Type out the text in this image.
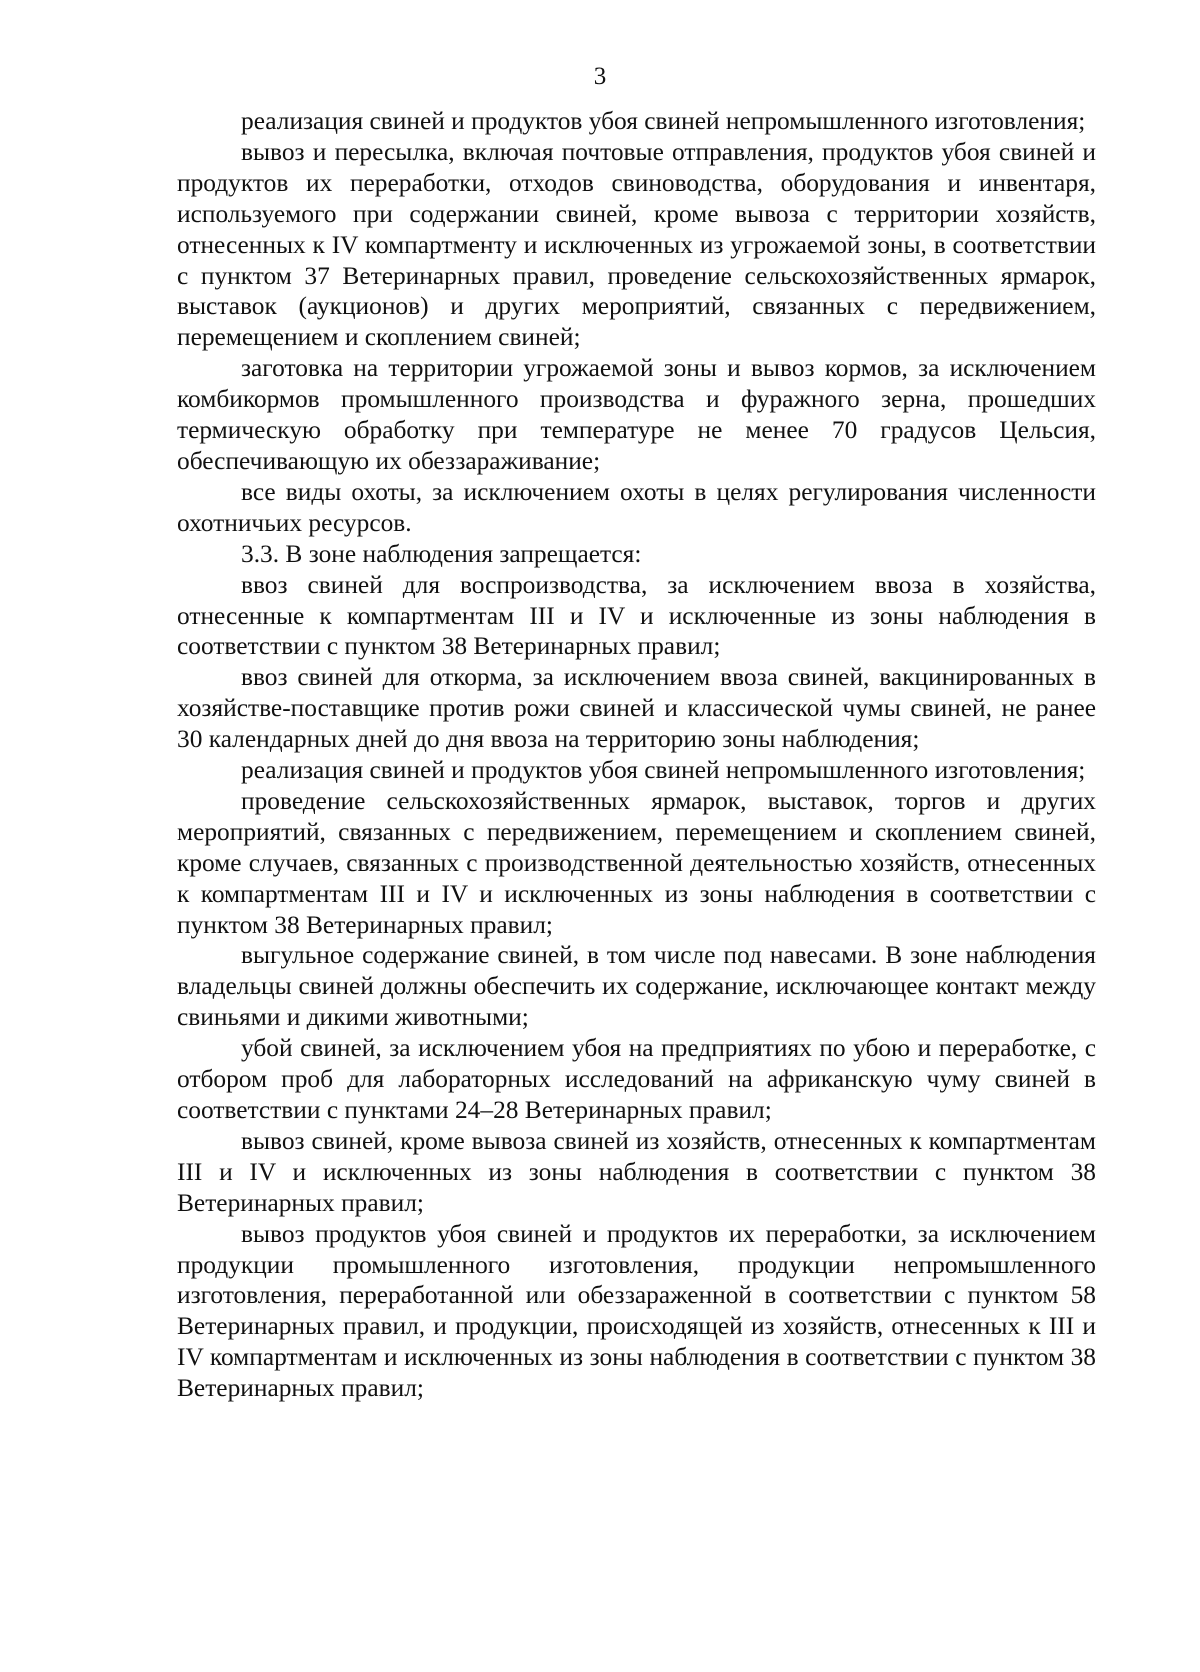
3

реализация свиней и продуктов убоя свиней непромышленного изготовления;

вывоз и пересылка, включая почтовые отправления, продуктов убоя свиней и продуктов их переработки, отходов свиноводства, оборудования и инвентаря, используемого при содержании свиней, кроме вывоза с территории хозяйств, отнесенных к IV компартменту и исключенных из угрожаемой зоны, в соответствии с пунктом 37 Ветеринарных правил, проведение сельскохозяйственных ярмарок, выставок (аукционов) и других мероприятий, связанных с передвижением, перемещением и скоплением свиней;

заготовка на территории угрожаемой зоны и вывоз кормов, за исключением комбикормов промышленного производства и фуражного зерна, прошедших термическую обработку при температуре не менее 70 градусов Цельсия, обеспечивающую их обеззараживание;

все виды охоты, за исключением охоты в целях регулирования численности охотничьих ресурсов.

3.3. В зоне наблюдения запрещается:

ввоз свиней для воспроизводства, за исключением ввоза в хозяйства, отнесенные к компартментам III и IV и исключенные из зоны наблюдения в соответствии с пунктом 38 Ветеринарных правил;

ввоз свиней для откорма, за исключением ввоза свиней, вакцинированных в хозяйстве-поставщике против рожи свиней и классической чумы свиней, не ранее 30 календарных дней до дня ввоза на территорию зоны наблюдения;

реализация свиней и продуктов убоя свиней непромышленного изготовления;

проведение сельскохозяйственных ярмарок, выставок, торгов и других мероприятий, связанных с передвижением, перемещением и скоплением свиней, кроме случаев, связанных с производственной деятельностью хозяйств, отнесенных к компартментам III и IV и исключенных из зоны наблюдения в соответствии с пунктом 38 Ветеринарных правил;

выгульное содержание свиней, в том числе под навесами. В зоне наблюдения владельцы свиней должны обеспечить их содержание, исключающее контакт между свиньями и дикими животными;

убой свиней, за исключением убоя на предприятиях по убою и переработке, с отбором проб для лабораторных исследований на африканскую чуму свиней в соответствии с пунктами 24–28 Ветеринарных правил;

вывоз свиней, кроме вывоза свиней из хозяйств, отнесенных к компартментам III и IV и исключенных из зоны наблюдения в соответствии с пунктом 38 Ветеринарных правил;

вывоз продуктов убоя свиней и продуктов их переработки, за исключением продукции промышленного изготовления, продукции непромышленного изготовления, переработанной или обеззараженной в соответствии с пунктом 58 Ветеринарных правил, и продукции, происходящей из хозяйств, отнесенных к III и IV компартментам и исключенных из зоны наблюдения в соответствии с пунктом 38 Ветеринарных правил;
